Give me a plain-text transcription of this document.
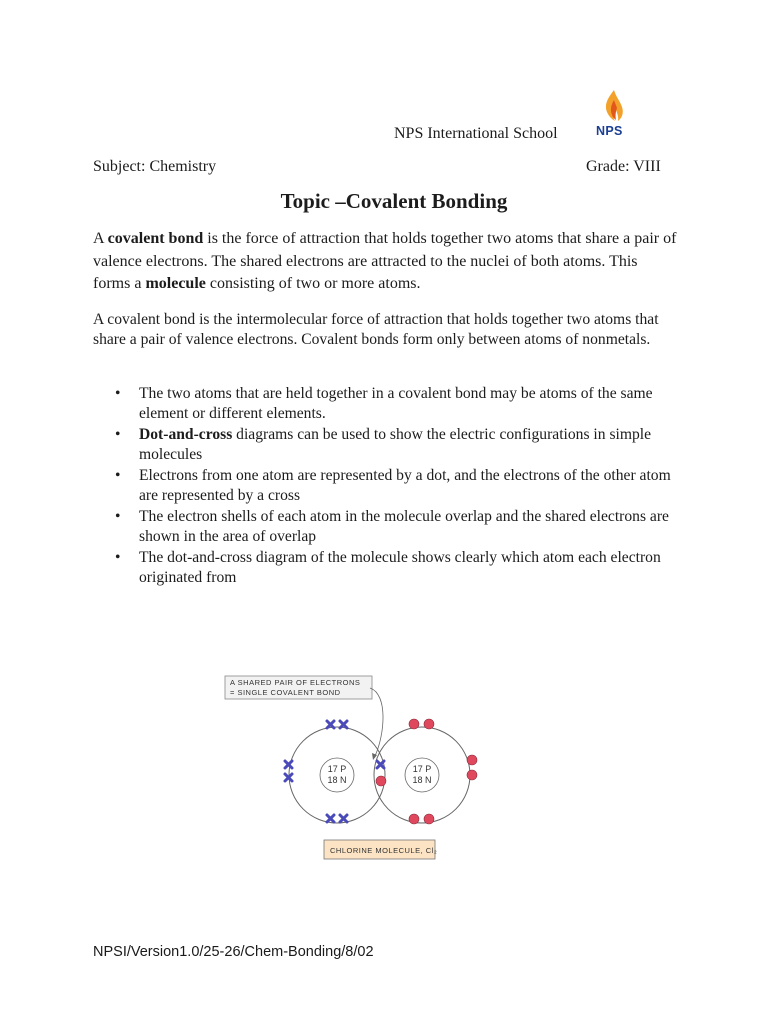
NPS International School	NPS
Subject: Chemistry	Grade: VIII
Topic –Covalent Bonding
A covalent bond is the force of attraction that holds together two atoms that share a pair of valence electrons. The shared electrons are attracted to the nuclei of both atoms. This forms a molecule consisting of two or more atoms.
A covalent bond is the intermolecular force of attraction that holds together two atoms that share a pair of valence electrons. Covalent bonds form only between atoms of nonmetals.
• The two atoms that are held together in a covalent bond may be atoms of the same element or different elements.
• Dot-and-cross diagrams can be used to show the electric configurations in simple molecules
• Electrons from one atom are represented by a dot, and the electrons of the other atom are represented by a cross
• The electron shells of each atom in the molecule overlap and the shared electrons are shown in the area of overlap
• The dot-and-cross diagram of the molecule shows clearly which atom each electron originated from
A SHARED PAIR OF ELECTRONS
= SINGLE COVALENT BOND
17 P
18 N
17 P
18 N
CHLORINE MOLECULE, Cl₂
NPSI/Version1.0/25-26/Chem-Bonding/8/02
